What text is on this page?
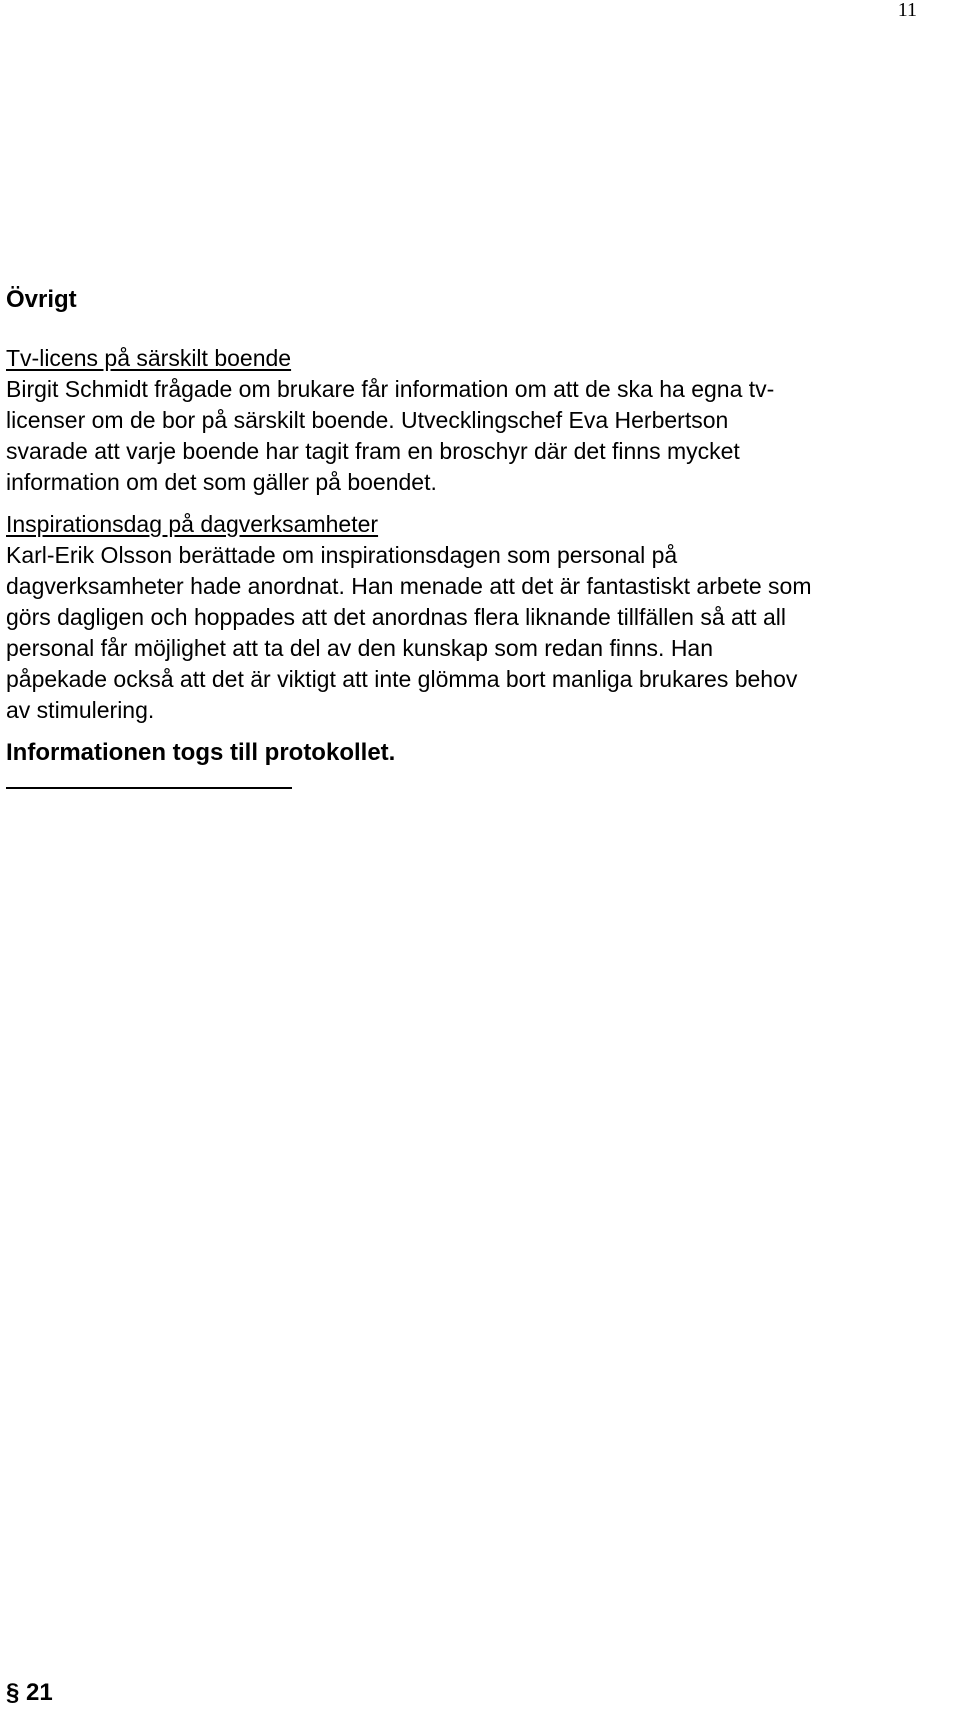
11
Övrigt
Tv-licens på särskilt boende

Birgit Schmidt frågade om brukare får information om att de ska ha egna tv-
licenser om de bor på särskilt boende. Utvecklingschef Eva Herbertson
svarade att varje boende har tagit fram en broschyr där det finns mycket
information om det som gäller på boendet.

Inspirationsdag på dagverksamheter

Karl-Erik Olsson berättade om inspirationsdagen som personal på
dagverksamheter hade anordnat. Han menade att det är fantastiskt arbete som
görs dagligen och hoppades att det anordnas flera liknande tillfällen så att all
personal får möjlighet att ta del av den kunskap som redan finns. Han
påpekade också att det är viktigt att inte glömma bort manliga brukares behov
av stimulering.

Informationen togs till protokollet.
§ 21
